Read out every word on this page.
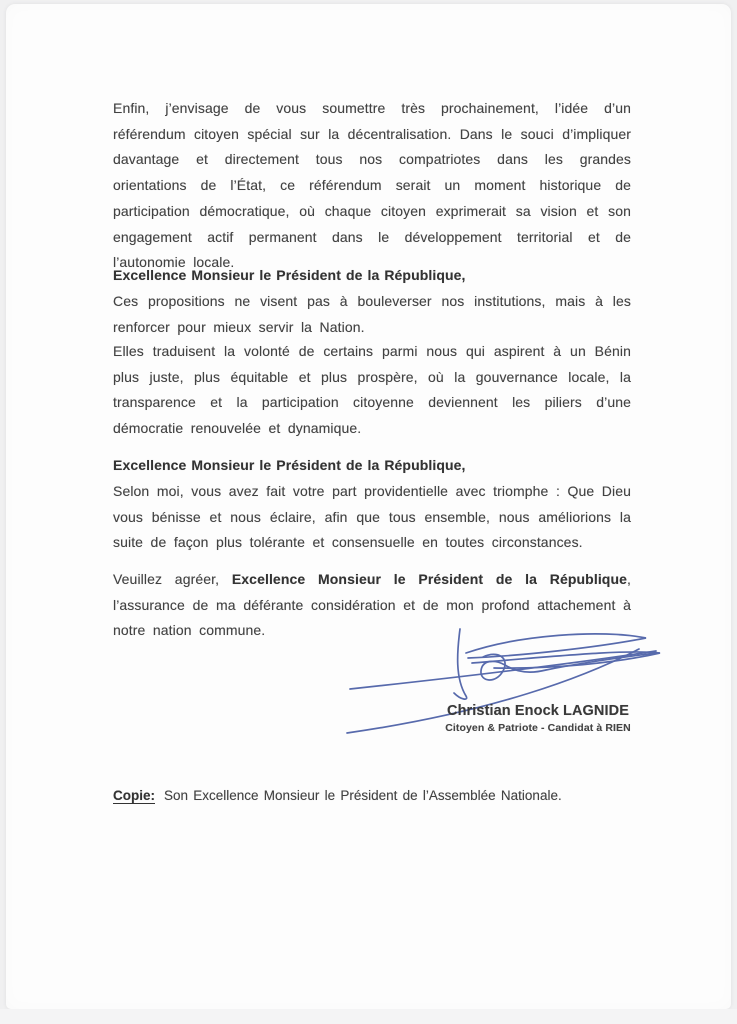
Enfin, j’envisage de vous soumettre très prochainement, l’idée d’un référendum citoyen spécial sur la décentralisation. Dans le souci d’impliquer davantage et directement tous nos compatriotes dans les grandes orientations de l’État, ce référendum serait un moment historique de participation démocratique, où chaque citoyen exprimerait sa vision et son engagement actif permanent dans le développement territorial et de l’autonomie locale.

Excellence Monsieur le Président de la République,

Ces propositions ne visent pas à bouleverser nos institutions, mais à les renforcer pour mieux servir la Nation.

Elles traduisent la volonté de certains parmi nous qui aspirent à un Bénin plus juste, plus équitable et plus prospère, où la gouvernance locale, la transparence et la participation citoyenne deviennent les piliers d’une démocratie renouvelée et dynamique.

Excellence Monsieur le Président de la République,

Selon moi, vous avez fait votre part providentielle avec triomphe : Que Dieu vous bénisse et nous éclaire, afin que tous ensemble, nous améliorions la suite de façon plus tolérante et consensuelle en toutes circonstances.

Veuillez agréer, Excellence Monsieur le Président de la République, l’assurance de ma déférante considération et de mon profond attachement à notre nation commune.

Christian Enock LAGNIDE
Citoyen & Patriote - Candidat à RIEN

Copie: Son Excellence Monsieur le Président de l’Assemblée Nationale.
